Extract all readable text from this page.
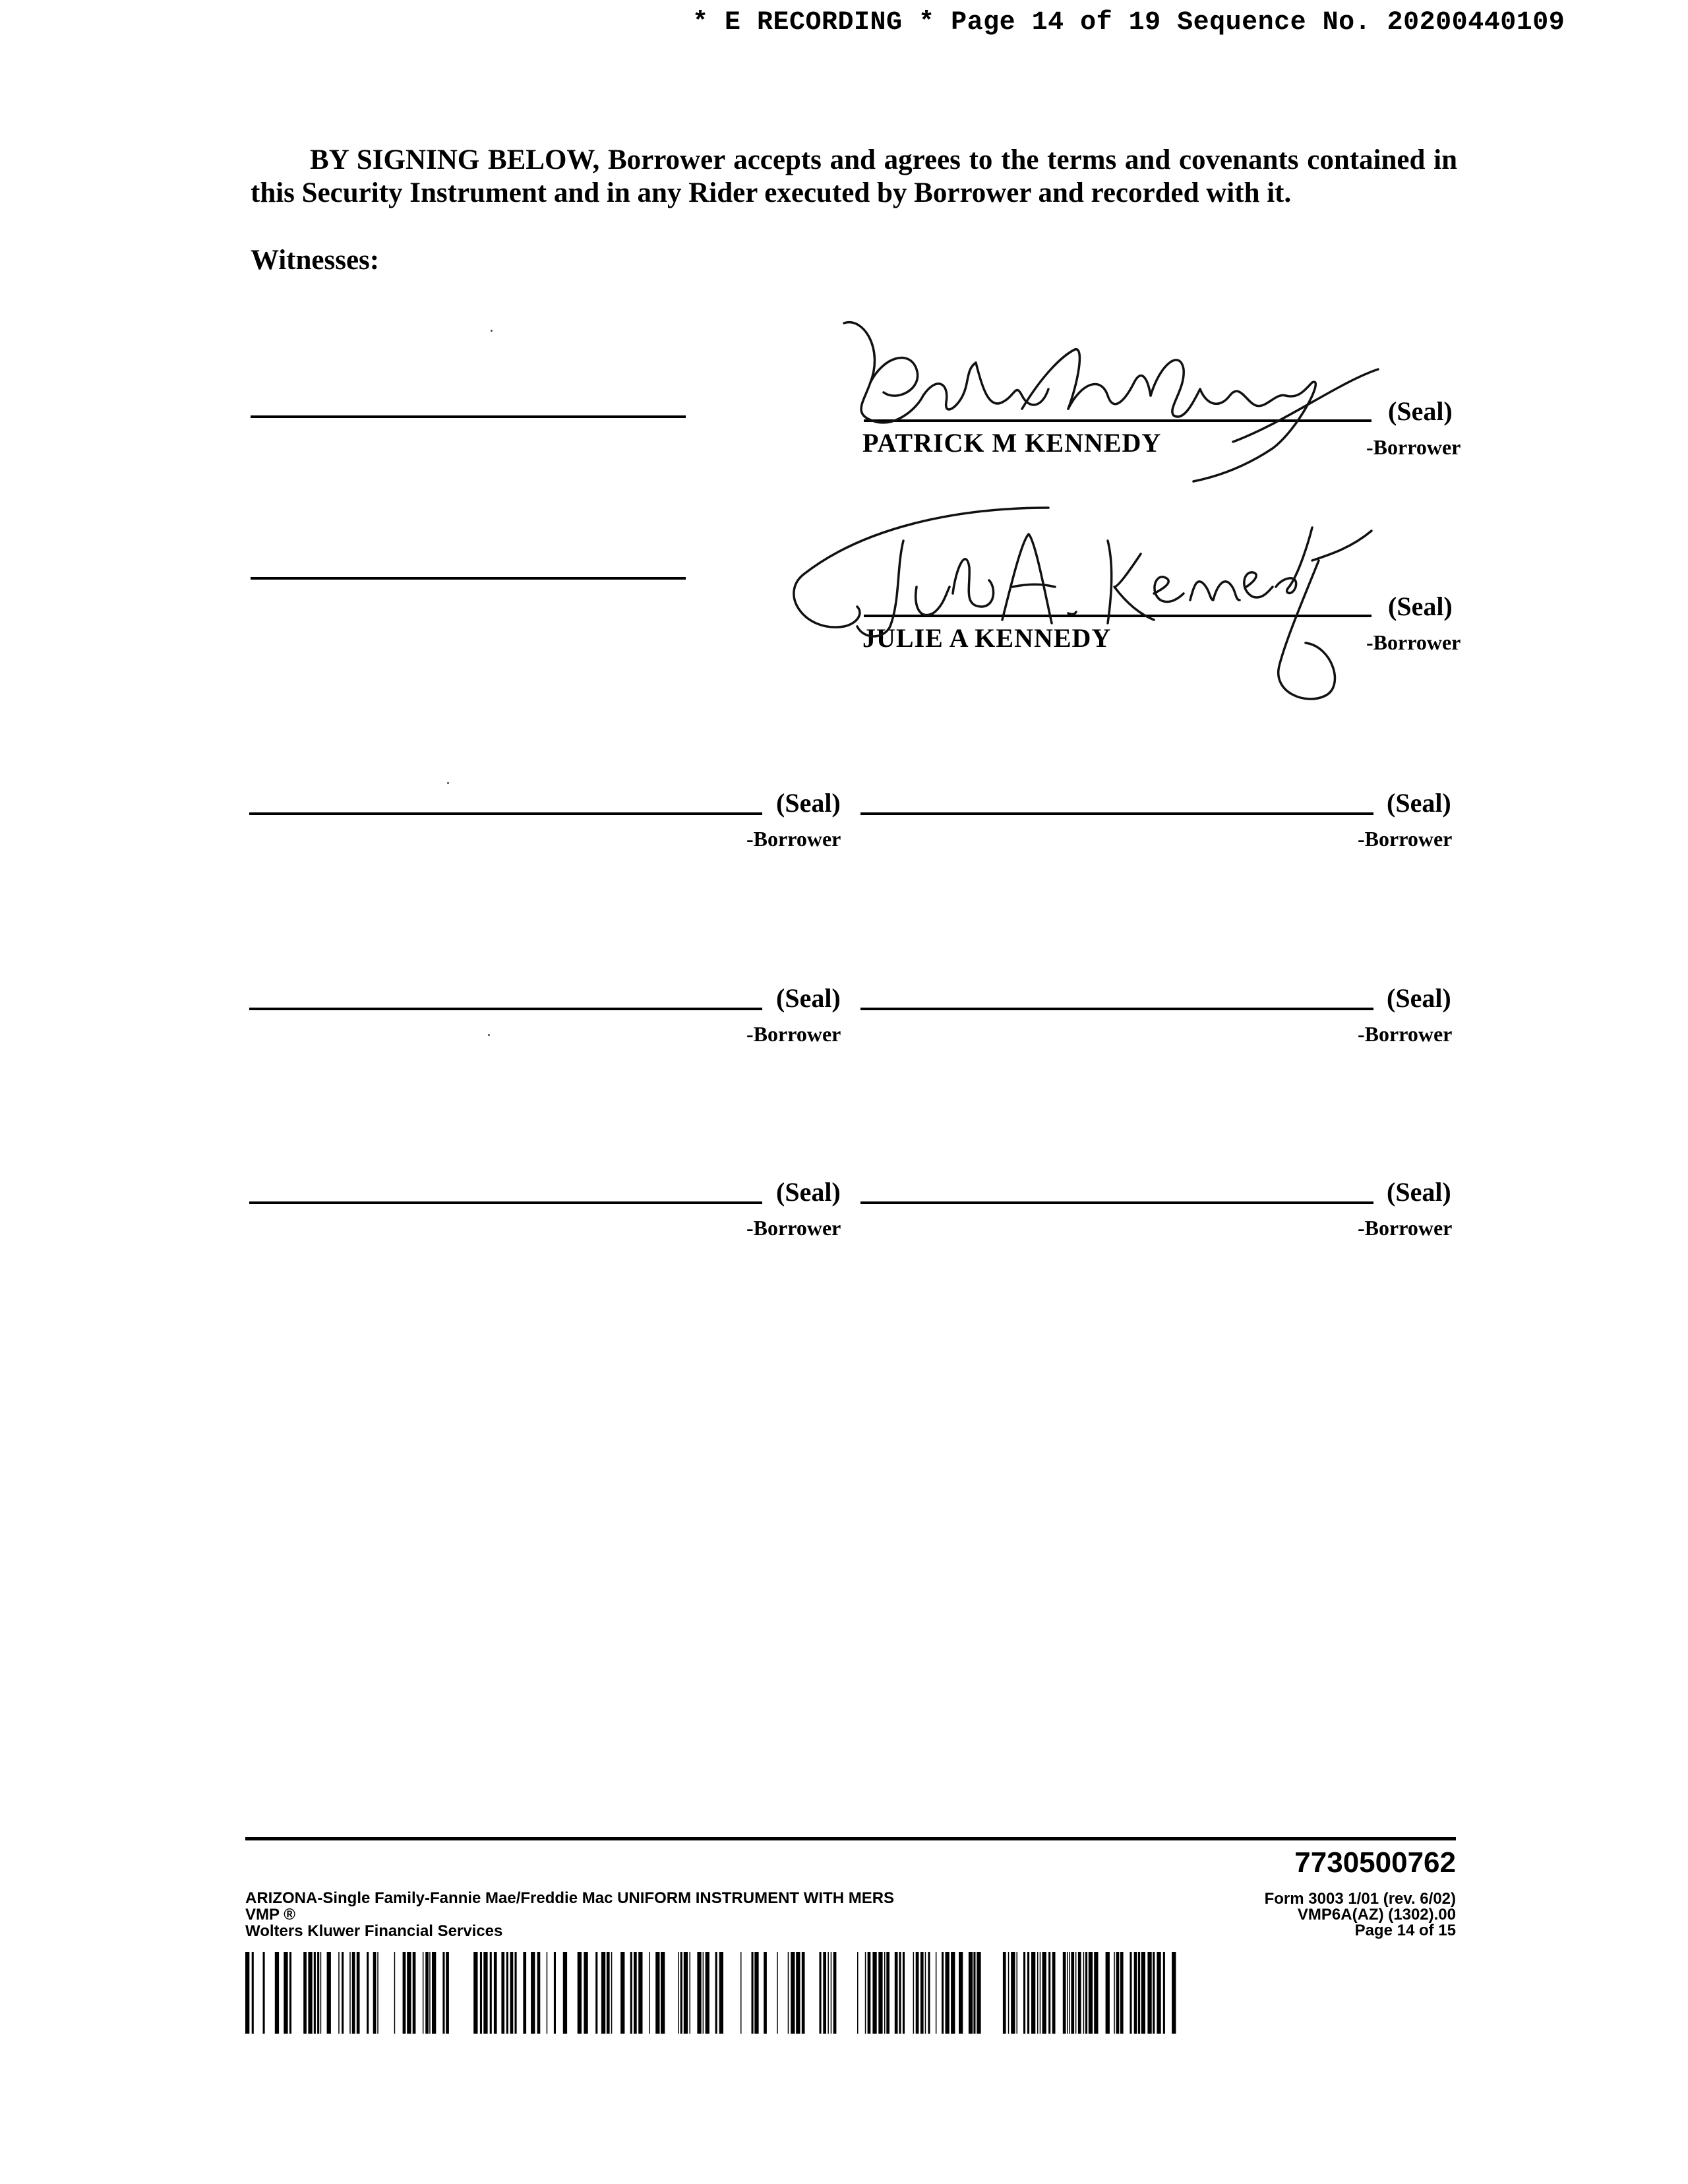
* E RECORDING * Page 14 of 19 Sequence No. 20200440109
BY SIGNING BELOW, Borrower accepts and agrees to the terms and covenants contained in this Security Instrument and in any Rider executed by Borrower and recorded with it.
Witnesses:
(Seal)
-Borrower
PATRICK M KENNEDY
(Seal)
-Borrower
JULIE A KENNEDY
(Seal)
-Borrower
(Seal)
-Borrower
(Seal)
-Borrower
(Seal)
-Borrower
(Seal)
-Borrower
(Seal)
-Borrower
7730500762
ARIZONA-Single Family-Fannie Mae/Freddie Mac UNIFORM INSTRUMENT WITH MERS
VMP ®
Wolters Kluwer Financial Services
Form 3003 1/01 (rev. 6/02)
VMP6A(AZ) (1302).00
Page 14 of 15
